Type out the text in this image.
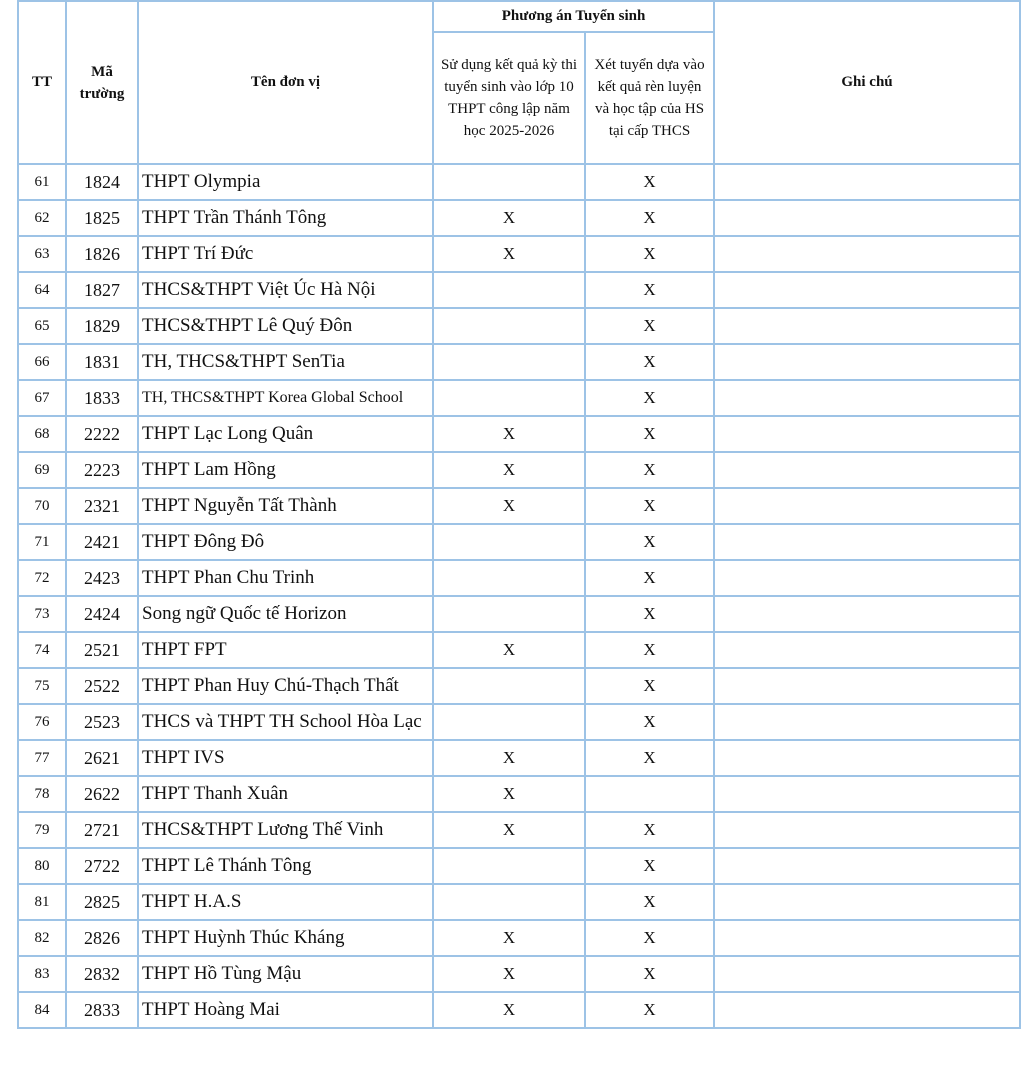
TT	Mã
trường	Tên đơn vị	Phương án Tuyển sinh		Ghi chú
			Sử dụng kết quả kỳ thi tuyển sinh vào lớp 10 THPT công lập năm học 2025-2026	Xét tuyển dựa vào kết quả rèn luyện và học tập của HS tại cấp THCS	
61	1824	THPT Olympia		X	
62	1825	THPT Trần Thánh Tông	X	X	
63	1826	THPT Trí Đức	X	X	
64	1827	THCS&THPT Việt Úc Hà Nội		X	
65	1829	THCS&THPT Lê Quý Đôn		X	
66	1831	TH, THCS&THPT SenTia		X	
67	1833	TH, THCS&THPT Korea Global School		X	
68	2222	THPT Lạc Long Quân	X	X	
69	2223	THPT Lam Hồng	X	X	
70	2321	THPT Nguyễn Tất Thành	X	X	
71	2421	THPT Đông Đô		X	
72	2423	THPT Phan Chu Trinh		X	
73	2424	Song ngữ Quốc tế Horizon		X	
74	2521	THPT FPT	X	X	
75	2522	THPT Phan Huy Chú-Thạch Thất		X	
76	2523	THCS và THPT TH School Hòa Lạc		X	
77	2621	THPT IVS	X	X	
78	2622	THPT Thanh Xuân	X		
79	2721	THCS&THPT Lương Thế Vinh	X	X	
80	2722	THPT Lê Thánh Tông		X	
81	2825	THPT H.A.S		X	
82	2826	THPT Huỳnh Thúc Kháng	X	X	
83	2832	THPT Hồ Tùng Mậu	X	X	
84	2833	THPT Hoàng Mai	X	X	
